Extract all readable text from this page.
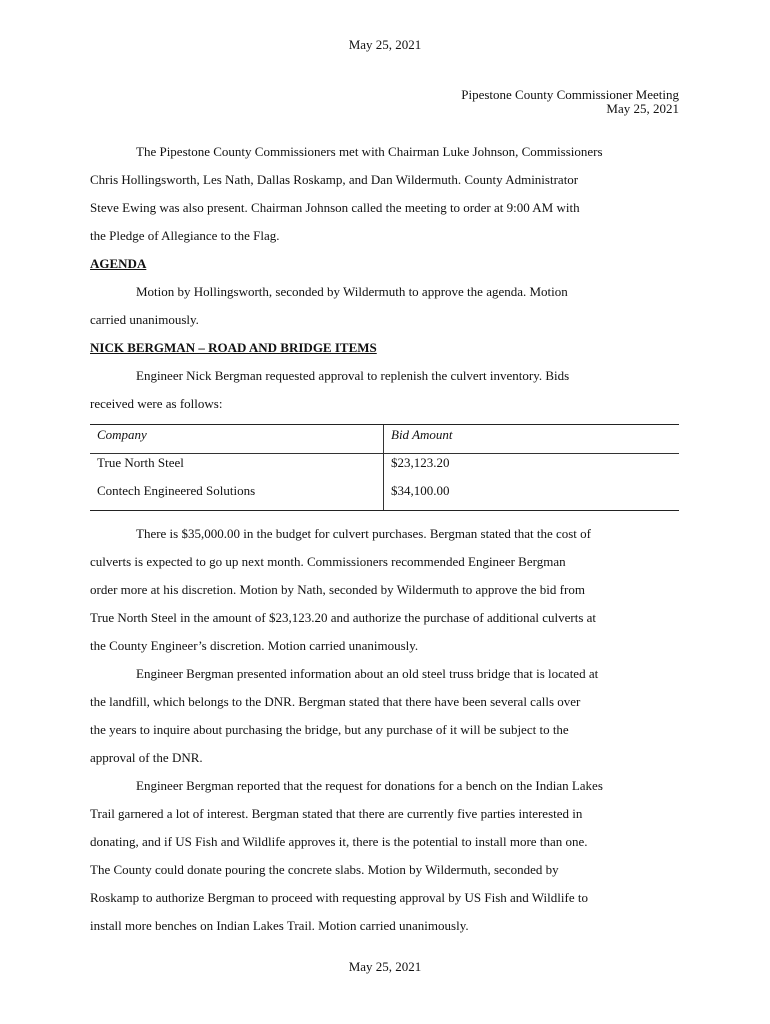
May 25, 2021
Pipestone County Commissioner Meeting
May 25, 2021
The Pipestone County Commissioners met with Chairman Luke Johnson, Commissioners
Chris Hollingsworth, Les Nath, Dallas Roskamp, and Dan Wildermuth. County Administrator
Steve Ewing was also present. Chairman Johnson called the meeting to order at 9:00 AM with
the Pledge of Allegiance to the Flag.
AGENDA
Motion by Hollingsworth, seconded by Wildermuth to approve the agenda. Motion
carried unanimously.
NICK BERGMAN – ROAD AND BRIDGE ITEMS
Engineer Nick Bergman requested approval to replenish the culvert inventory. Bids
received were as follows:
Company	Bid Amount
True North Steel	$23,123.20
Contech Engineered Solutions	$34,100.00
There is $35,000.00 in the budget for culvert purchases. Bergman stated that the cost of
culverts is expected to go up next month. Commissioners recommended Engineer Bergman
order more at his discretion. Motion by Nath, seconded by Wildermuth to approve the bid from
True North Steel in the amount of $23,123.20 and authorize the purchase of additional culverts at
the County Engineer’s discretion. Motion carried unanimously.
Engineer Bergman presented information about an old steel truss bridge that is located at
the landfill, which belongs to the DNR. Bergman stated that there have been several calls over
the years to inquire about purchasing the bridge, but any purchase of it will be subject to the
approval of the DNR.
Engineer Bergman reported that the request for donations for a bench on the Indian Lakes
Trail garnered a lot of interest. Bergman stated that there are currently five parties interested in
donating, and if US Fish and Wildlife approves it, there is the potential to install more than one.
The County could donate pouring the concrete slabs. Motion by Wildermuth, seconded by
Roskamp to authorize Bergman to proceed with requesting approval by US Fish and Wildlife to
install more benches on Indian Lakes Trail. Motion carried unanimously.
May 25, 2021
